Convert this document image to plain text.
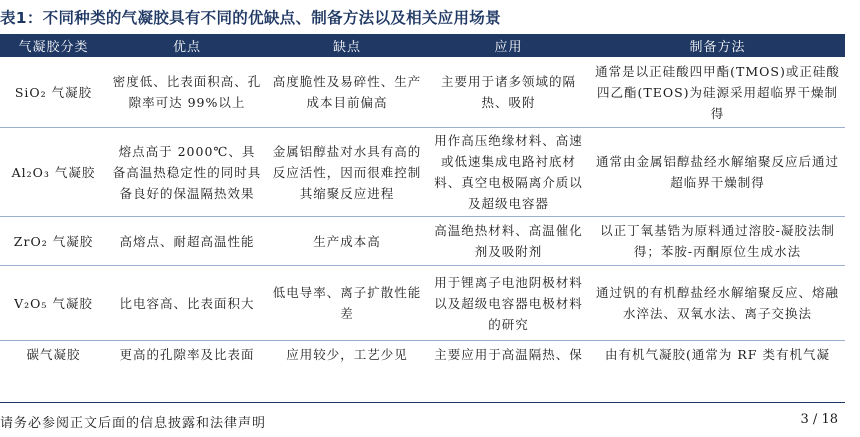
表1：不同种类的气凝胶具有不同的优缺点、制备方法以及相关应用场景
气凝胶分类	优点	缺点	应用	制备方法
SiO₂ 气凝胶	密度低、比表面积高、孔隙率可达 99%以上	高度脆性及易碎性、生产成本目前偏高	主要用于诸多领域的隔热、吸附	通常是以正硅酸四甲酯(TMOS)或正硅酸四乙酯(TEOS)为硅源采用超临界干燥制得
Al₂O₃ 气凝胶	熔点高于 2000℃、具备高温热稳定性的同时具备良好的保温隔热效果	金属铝醇盐对水具有高的反应活性，因而很难控制其缩聚反应进程	用作高压绝缘材料、高速或低速集成电路衬底材料、真空电极隔离介质以及超级电容器	通常由金属铝醇盐经水解缩聚反应后通过超临界干燥制得
ZrO₂ 气凝胶	高熔点、耐超高温性能	生产成本高	高温绝热材料、高温催化剂及吸附剂	以正丁氧基锆为原料通过溶胶-凝胶法制得；苯胺-丙酮原位生成水法
V₂O₅ 气凝胶	比电容高、比表面积大	低电导率、离子扩散性能差	用于锂离子电池阴极材料以及超级电容器电极材料的研究	通过钒的有机醇盐经水解缩聚反应、熔融水淬法、双氧水法、离子交换法
碳气凝胶	更高的孔隙率及比表面	应用较少，工艺少见	主要应用于高温隔热、保	由有机气凝胶(通常为 RF 类有机气凝
请务必参阅正文后面的信息披露和法律声明	3 / 18
